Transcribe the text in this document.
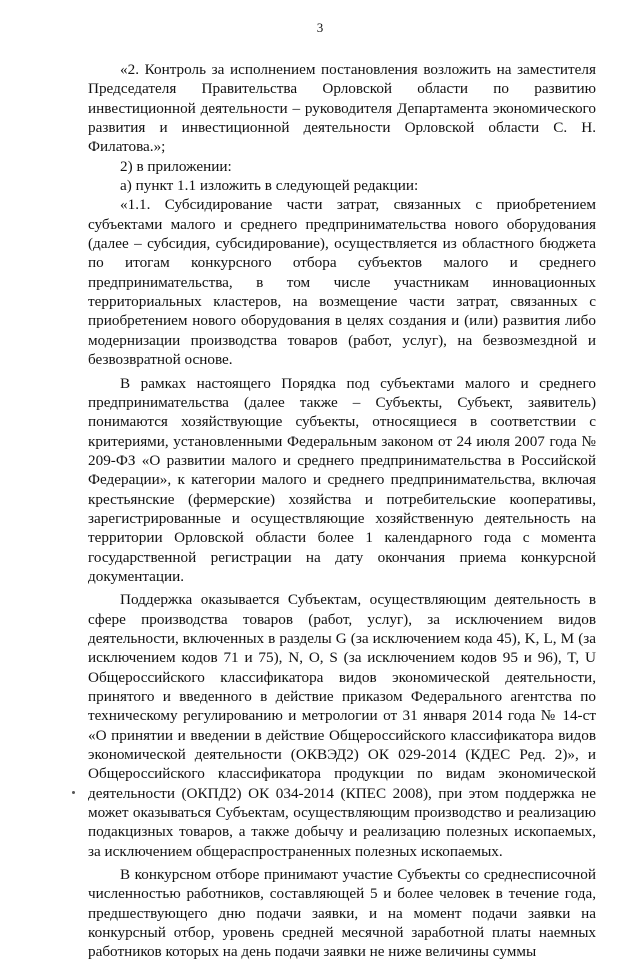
3

«2. Контроль за исполнением постановления возложить на заместителя Председателя Правительства Орловской области по развитию инвестиционной деятельности – руководителя Департамента экономического развития и инвестиционной деятельности Орловской области С. Н. Филатова.»;

2) в приложении:

а) пункт 1.1 изложить в следующей редакции:

«1.1. Субсидирование части затрат, связанных с приобретением субъектами малого и среднего предпринимательства нового оборудования (далее – субсидия, субсидирование), осуществляется из областного бюджета по итогам конкурсного отбора субъектов малого и среднего предпринимательства, в том числе участникам инновационных территориальных кластеров, на возмещение части затрат, связанных с приобретением нового оборудования в целях создания и (или) развития либо модернизации производства товаров (работ, услуг), на безвозмездной и безвозвратной основе.

В рамках настоящего Порядка под субъектами малого и среднего предпринимательства (далее также – Субъекты, Субъект, заявитель) понимаются хозяйствующие субъекты, относящиеся в соответствии с критериями, установленными Федеральным законом от 24 июля 2007 года № 209-ФЗ «О развитии малого и среднего предпринимательства в Российской Федерации», к категории малого и среднего предпринимательства, включая крестьянские (фермерские) хозяйства и потребительские кооперативы, зарегистрированные и осуществляющие хозяйственную деятельность на территории Орловской области более 1 календарного года с момента государственной регистрации на дату окончания приема конкурсной документации.

Поддержка оказывается Субъектам, осуществляющим деятельность в сфере производства товаров (работ, услуг), за исключением видов деятельности, включенных в разделы G (за исключением кода 45), K, L, M (за исключением кодов 71 и 75), N, O, S (за исключением кодов 95 и 96), T, U Общероссийского классификатора видов экономической деятельности, принятого и введенного в действие приказом Федерального агентства по техническому регулированию и метрологии от 31 января 2014 года № 14-ст «О принятии и введении в действие Общероссийского классификатора видов экономической деятельности (ОКВЭД2) ОК 029-2014 (КДЕС Ред. 2)», и Общероссийского классификатора продукции по видам экономической деятельности (ОКПД2) ОК 034-2014 (КПЕС 2008), при этом поддержка не может оказываться Субъектам, осуществляющим производство и реализацию подакцизных товаров, а также добычу и реализацию полезных ископаемых, за исключением общераспространенных полезных ископаемых.

В конкурсном отборе принимают участие Субъекты со среднесписочной численностью работников, составляющей 5 и более человек в течение года, предшествующего дню подачи заявки, и на момент подачи заявки на конкурсный отбор, уровень средней месячной заработной платы наемных работников которых на день подачи заявки не ниже величины суммы
